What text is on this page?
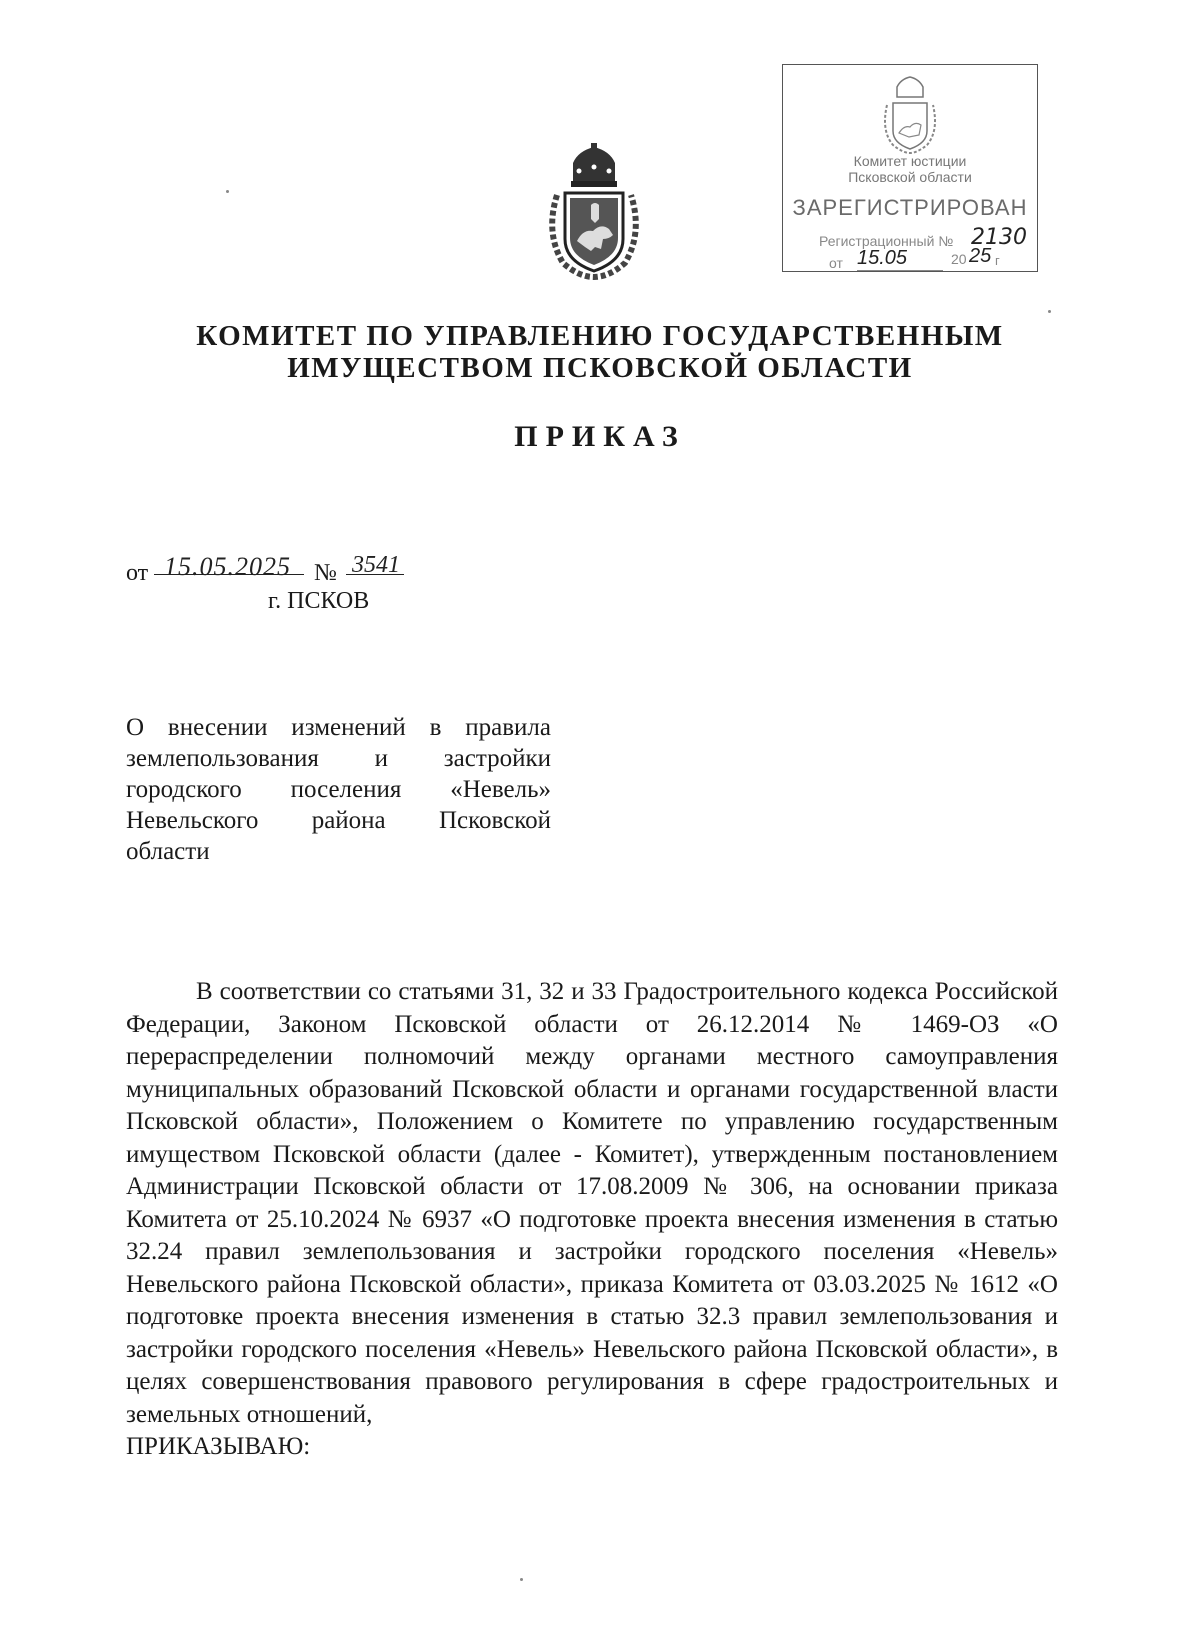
Комитет юстиции
Псковской области
ЗАРЕГИСТРИРОВАН
Регистрационный № 2130
от 15.05	20 25 г
КОМИТЕТ ПО УПРАВЛЕНИЮ ГОСУДАРСТВЕННЫМ
ИМУЩЕСТВОМ ПСКОВСКОЙ ОБЛАСТИ
ПРИКАЗ
от 15.05.2025 № 3541
г. ПСКОВ
О внесении изменений в правила
землепользования и застройки
городского поселения «Невель»
Невельского района Псковской
области

В соответствии со статьями 31, 32 и 33 Градостроительного кодекса Российской Федерации, Законом Псковской области от 26.12.2014 № 1469-ОЗ «О перераспределении полномочий между органами местного самоуправления муниципальных образований Псковской области и органами государственной власти Псковской области», Положением о Комитете по управлению государственным имуществом Псковской области (далее - Комитет), утвержденным постановлением Администрации Псковской области от 17.08.2009 № 306, на основании приказа Комитета от 25.10.2024 № 6937 «О подготовке проекта внесения изменения в статью 32.24 правил землепользования и застройки городского поселения «Невель» Невельского района Псковской области», приказа Комитета от 03.03.2025 № 1612 «О подготовке проекта внесения изменения в статью 32.3 правил землепользования и застройки городского поселения «Невель» Невельского района Псковской области», в целях совершенствования правового регулирования в сфере градостроительных и земельных отношений,

ПРИКАЗЫВАЮ:
